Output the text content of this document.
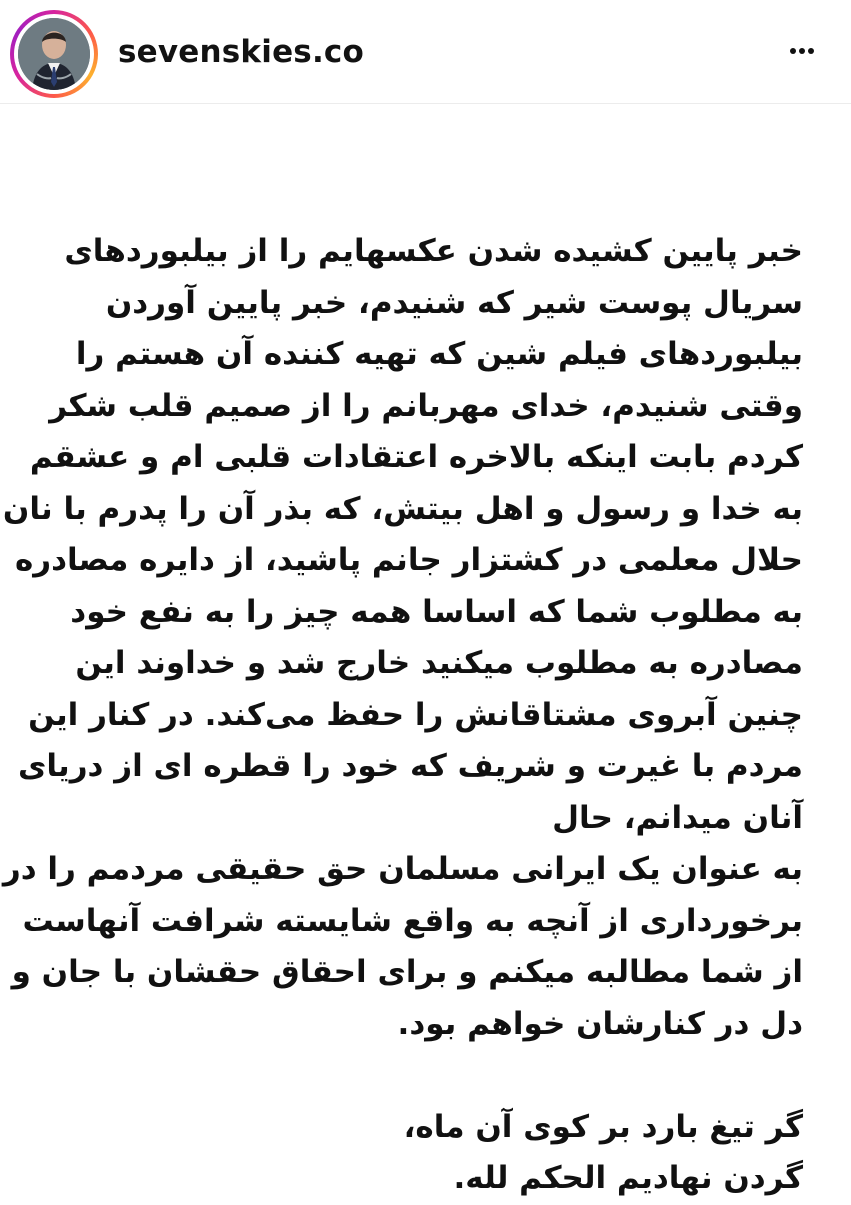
sevenskies.co
خبر پایین کشیده شدن عکسهایم را از بیلبوردهای
سریال پوست شیر که شنیدم، خبر پایین آوردن
بیلبوردهای فیلم شین که تهیه کننده آن هستم را
وقتی شنیدم، خدای مهربانم را از صمیم قلب شکر
کردم بابت اینکه بالاخره اعتقادات قلبی ام و عشقم
به خدا و رسول و اهل بیتش، که بذر آن را پدرم با نان
حلال معلمی در کشتزار جانم پاشید، از دایره مصادره
به مطلوب شما که اساسا همه چیز را به نفع خود
مصادره به مطلوب میکنید خارج شد و خداوند این
چنین آبروی مشتاقانش را حفظ می‌کند. در کنار این
مردم با غیرت و شریف که خود را قطره ای از دریای
آنان میدانم، حال
به عنوان یک ایرانی مسلمان حق حقیقی مردمم را در
برخورداری از آنچه به واقع شایسته شرافت آنهاست
از شما مطالبه میکنم و برای احقاق حقشان با جان و
دل در کنارشان خواهم بود.
گر تیغ بارد بر کوی آن ماه،
گردن نهادیم الحکم لله.
